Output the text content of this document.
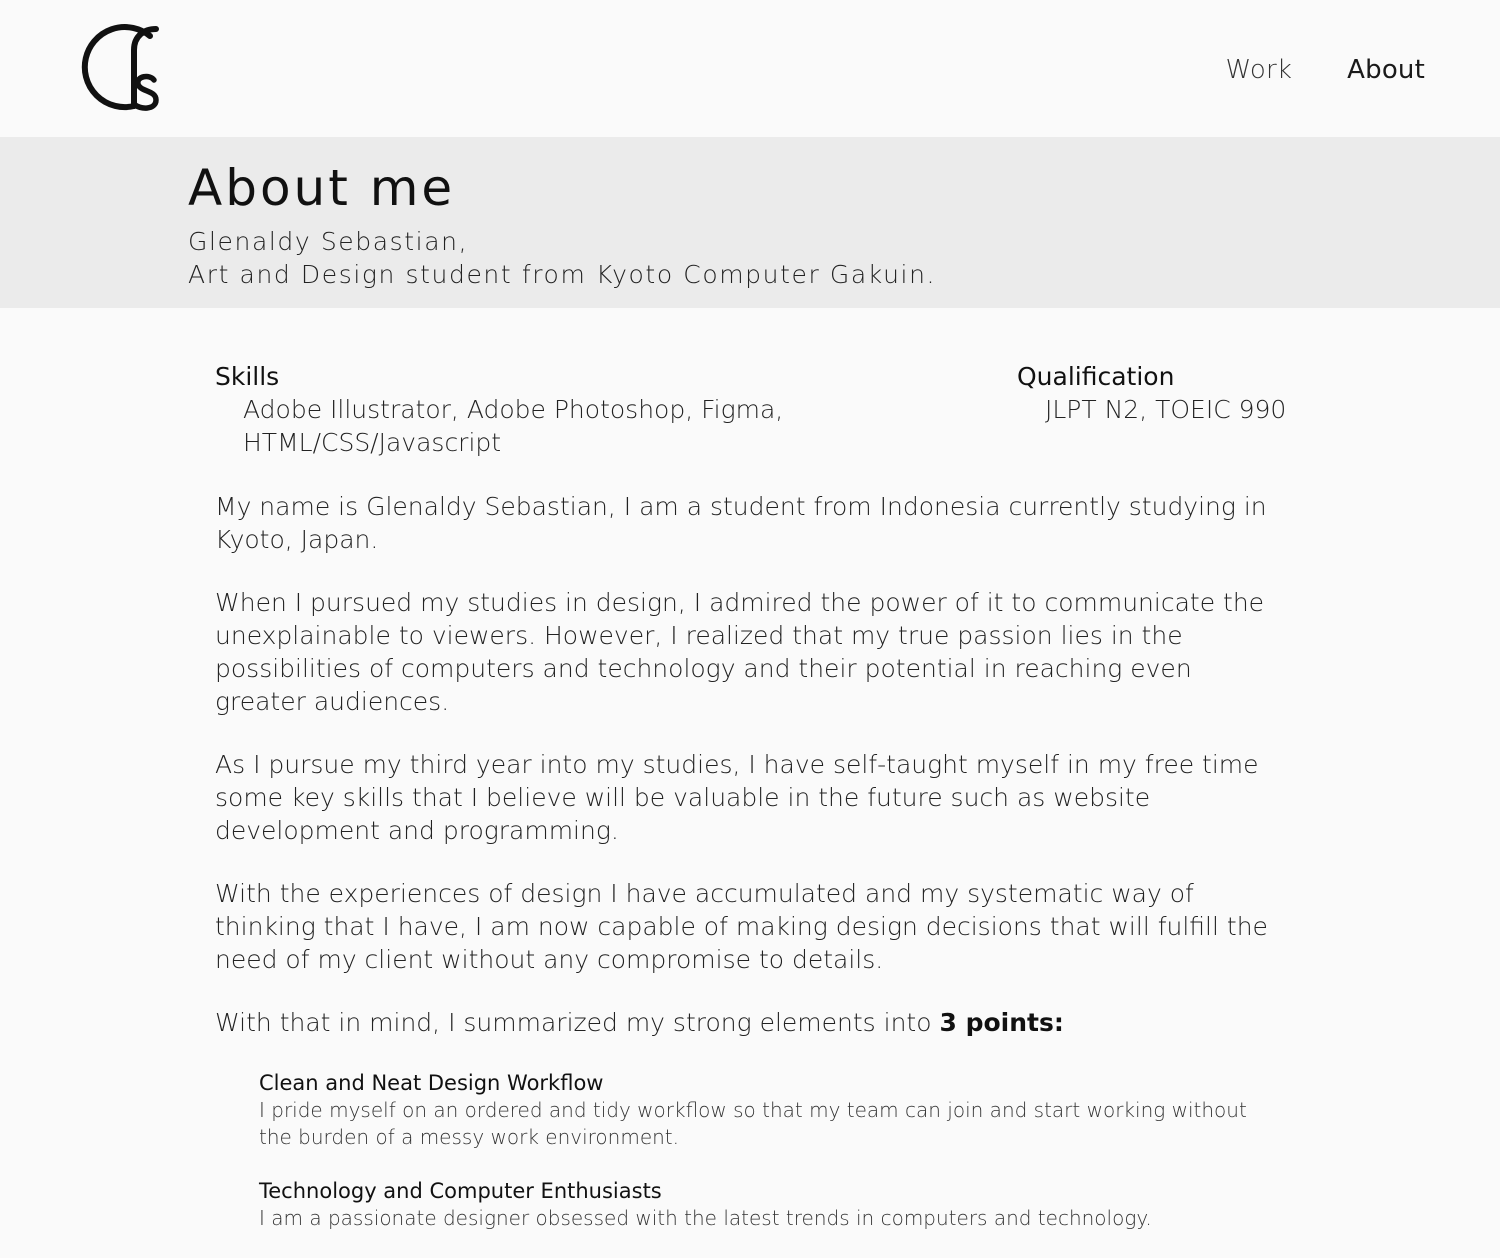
Work About
About me

Glenaldy Sebastian,
Art and Design student from Kyoto Computer Gakuin.

Skills

Adobe Illustrator, Adobe Photoshop, Figma,
HTML/CSS/Javascript

Qualification

JLPT N2, TOEIC 990

My name is Glenaldy Sebastian, I am a student from Indonesia currently studying in Kyoto, Japan.

When I pursued my studies in design, I admired the power of it to communicate the unexplainable to viewers. However, I realized that my true passion lies in the possibilities of computers and technology and their potential in reaching even greater audiences.

As I pursue my third year into my studies, I have self-taught myself in my free time some key skills that I believe will be valuable in the future such as website development and programming.

With the experiences of design I have accumulated and my systematic way of thinking that I have, I am now capable of making design decisions that will fulfill the need of my client without any compromise to details.

With that in mind, I summarized my strong elements into 3 points:

Clean and Neat Design Workflow

I pride myself on an ordered and tidy workflow so that my team can join and start working without the burden of a messy work environment.

Technology and Computer Enthusiasts

I am a passionate designer obsessed with the latest trends in computers and technology.
